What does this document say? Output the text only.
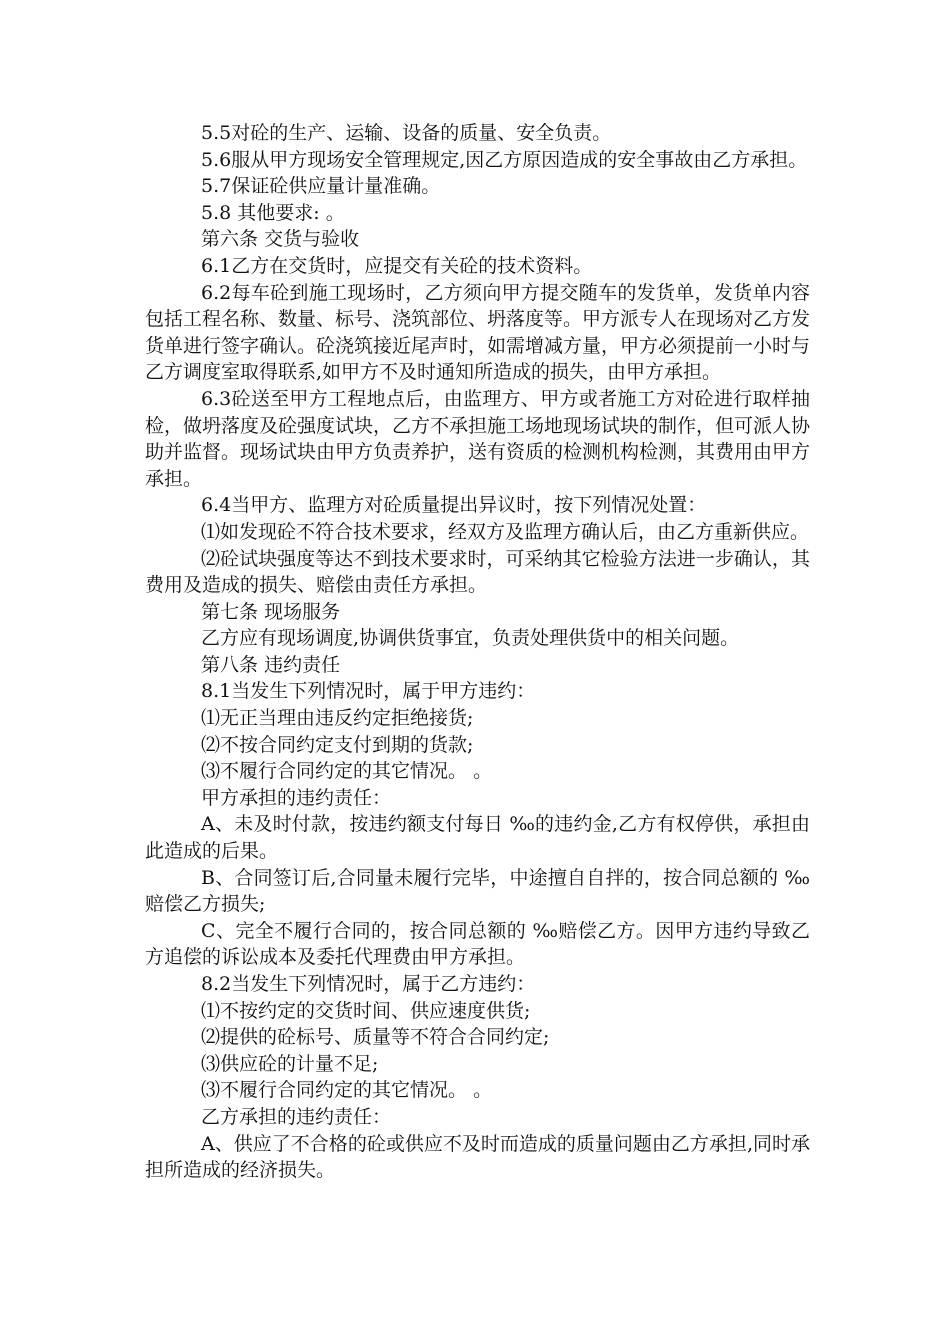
5.5对砼的生产、运输、设备的质量、安全负责。

5.6服从甲方现场安全管理规定,因乙方原因造成的安全事故由乙方承担。

5.7保证砼供应量计量准确。

5.8 其他要求: 。

第六条 交货与验收

6.1乙方在交货时，应提交有关砼的技术资料。

6.2每车砼到施工现场时，乙方须向甲方提交随车的发货单，发货单内容包括工程名称、数量、标号、浇筑部位、坍落度等。甲方派专人在现场对乙方发货单进行签字确认。砼浇筑接近尾声时，如需增减方量，甲方必须提前一小时与乙方调度室取得联系,如甲方不及时通知所造成的损失，由甲方承担。

6.3砼送至甲方工程地点后，由监理方、甲方或者施工方对砼进行取样抽检，做坍落度及砼强度试块，乙方不承担施工场地现场试块的制作，但可派人协助并监督。现场试块由甲方负责养护，送有资质的检测机构检测，其费用由甲方承担。

6.4当甲方、监理方对砼质量提出异议时，按下列情况处置：

⑴如发现砼不符合技术要求，经双方及监理方确认后，由乙方重新供应。

⑵砼试块强度等达不到技术要求时，可采纳其它检验方法进一步确认，其费用及造成的损失、赔偿由责任方承担。

第七条 现场服务

乙方应有现场调度,协调供货事宜，负责处理供货中的相关问题。

第八条 违约责任

8.1当发生下列情况时，属于甲方违约：

⑴无正当理由违反约定拒绝接货;

⑵不按合同约定支付到期的货款;

⑶不履行合同约定的其它情况。 。

甲方承担的违约责任：

A、未及时付款，按违约额支付每日 ‰的违约金,乙方有权停供，承担由此造成的后果。

B、合同签订后,合同量未履行完毕，中途擅自自拌的，按合同总额的 ‰赔偿乙方损失;

C、完全不履行合同的，按合同总额的 ‰赔偿乙方。因甲方违约导致乙方追偿的诉讼成本及委托代理费由甲方承担。

8.2当发生下列情况时，属于乙方违约：

⑴不按约定的交货时间、供应速度供货;

⑵提供的砼标号、质量等不符合合同约定;

⑶供应砼的计量不足;

⑶不履行合同约定的其它情况。 。

乙方承担的违约责任：

A、供应了不合格的砼或供应不及时而造成的质量问题由乙方承担,同时承担所造成的经济损失。
